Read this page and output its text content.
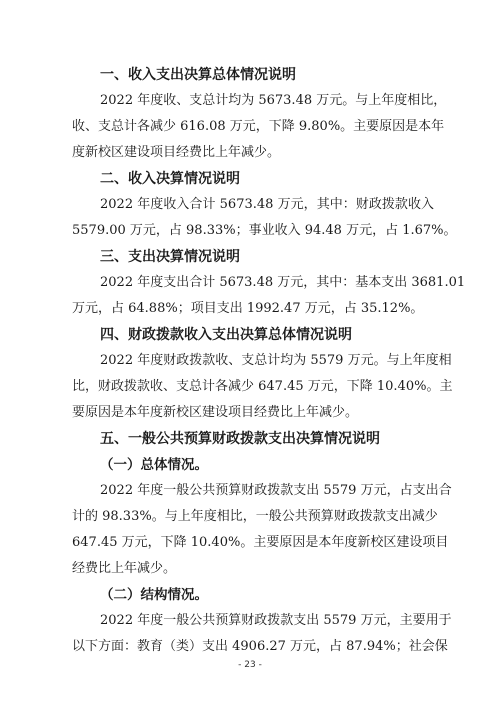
一、收入支出决算总体情况说明
2022 年度收、支总计均为 5673.48 万元。与上年度相比，
收、支总计各减少 616.08 万元，下降 9.80%。主要原因是本年
度新校区建设项目经费比上年减少。
二、收入决算情况说明
2022 年度收入合计 5673.48 万元，其中：财政拨款收入
5579.00 万元，占 98.33%；事业收入 94.48 万元，占 1.67%。
三、支出决算情况说明
2022 年度支出合计 5673.48 万元，其中：基本支出 3681.01
万元，占 64.88%；项目支出 1992.47 万元，占 35.12%。
四、财政拨款收入支出决算总体情况说明
2022 年度财政拨款收、支总计均为 5579 万元。与上年度相
比，财政拨款收、支总计各减少 647.45 万元，下降 10.40%。主
要原因是本年度新校区建设项目经费比上年减少。
五、一般公共预算财政拨款支出决算情况说明
（一）总体情况。
2022 年度一般公共预算财政拨款支出 5579 万元，占支出合
计的 98.33%。与上年度相比，一般公共预算财政拨款支出减少
647.45 万元，下降 10.40%。主要原因是本年度新校区建设项目
经费比上年减少。
（二）结构情况。
2022 年度一般公共预算财政拨款支出 5579 万元，主要用于
以下方面：教育（类）支出 4906.27 万元，占 87.94%；社会保
- 23 -
